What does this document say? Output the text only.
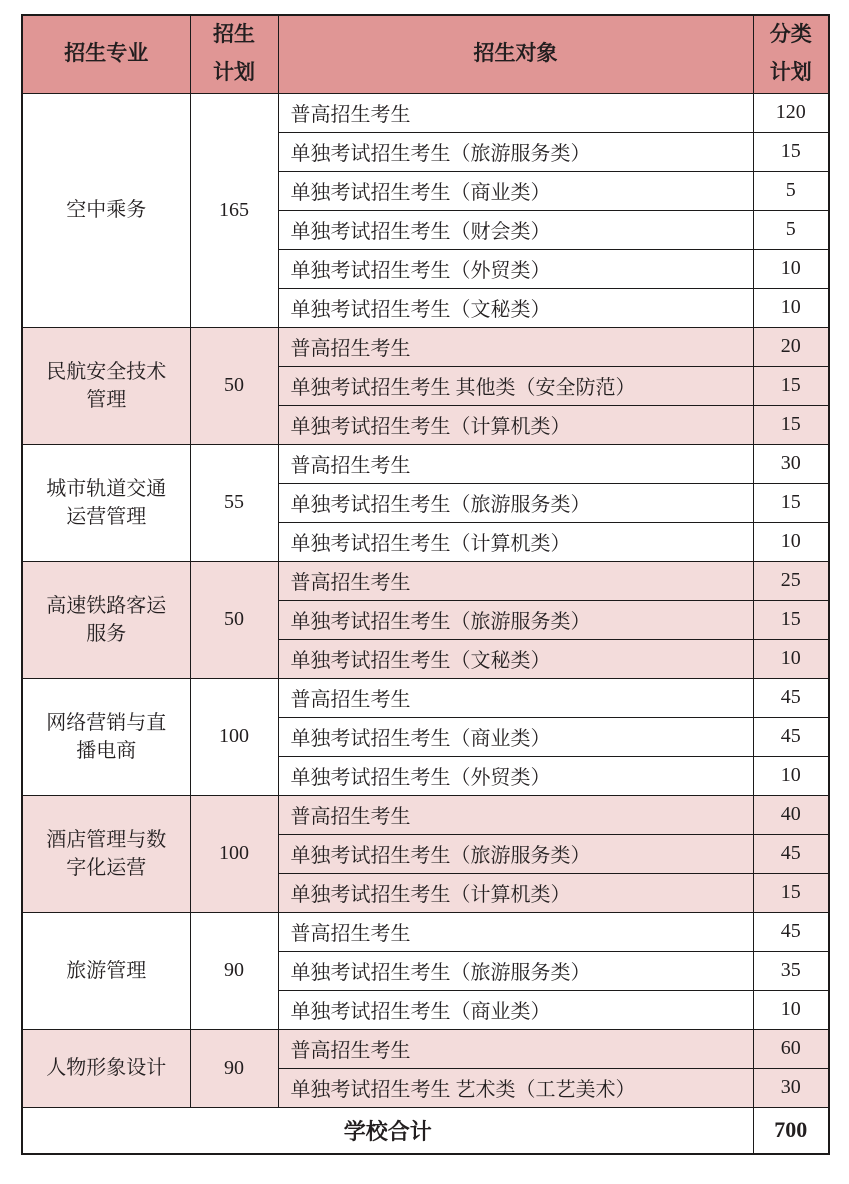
招生专业	招生计划	招生对象	分类计划
空中乘务	165	普高招生考生	120
		单独考试招生考生（旅游服务类）	15
		单独考试招生考生（商业类）	5
		单独考试招生考生（财会类）	5
		单独考试招生考生（外贸类）	10
		单独考试招生考生（文秘类）	10
民航安全技术管理	50	普高招生考生	20
		单独考试招生考生 其他类（安全防范）	15
		单独考试招生考生（计算机类）	15
城市轨道交通运营管理	55	普高招生考生	30
		单独考试招生考生（旅游服务类）	15
		单独考试招生考生（计算机类）	10
高速铁路客运服务	50	普高招生考生	25
		单独考试招生考生（旅游服务类）	15
		单独考试招生考生（文秘类）	10
网络营销与直播电商	100	普高招生考生	45
		单独考试招生考生（商业类）	45
		单独考试招生考生（外贸类）	10
酒店管理与数字化运营	100	普高招生考生	40
		单独考试招生考生（旅游服务类）	45
		单独考试招生考生（计算机类）	15
旅游管理	90	普高招生考生	45
		单独考试招生考生（旅游服务类）	35
		单独考试招生考生（商业类）	10
人物形象设计	90	普高招生考生	60
		单独考试招生考生 艺术类（工艺美术）	30
学校合计			700
